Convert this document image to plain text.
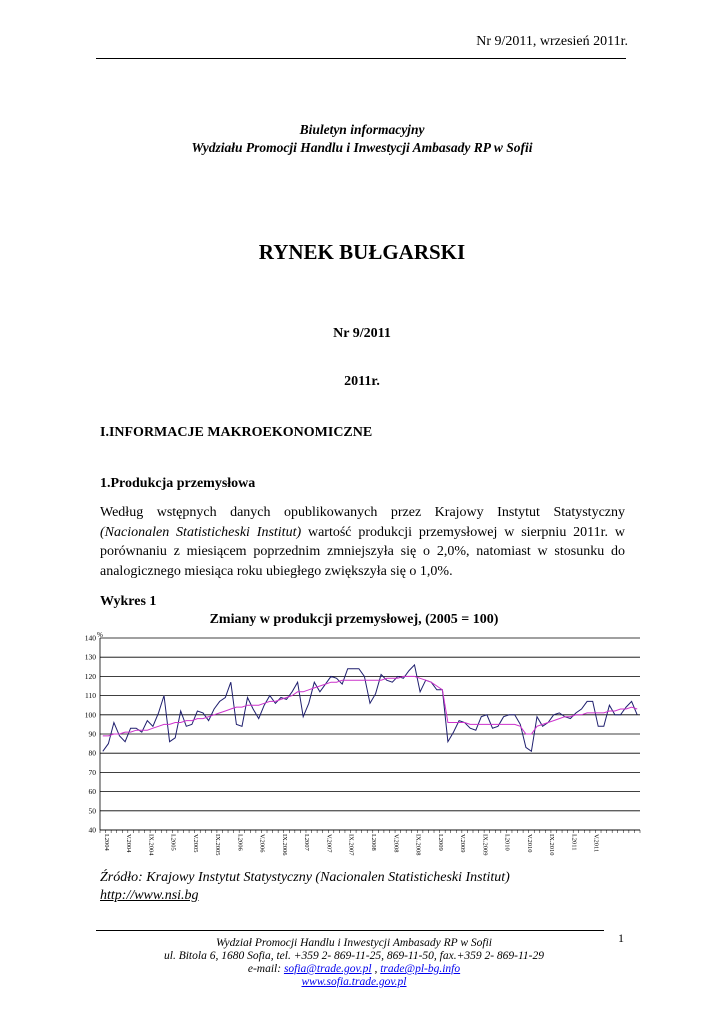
Nr 9/2011, wrzesień 2011r.
Biuletyn informacyjny
Wydziału Promocji Handlu i Inwestycji Ambasady RP w Sofii
RYNEK BUŁGARSKI
Nr 9/2011
2011r.
I.INFORMACJE MAKROEKONOMICZNE
1.Produkcja przemysłowa
Według wstępnych danych opublikowanych przez Krajowy Instytut Statystyczny (Nacionalen Statisticheski Institut) wartość produkcji przemysłowej w sierpniu 2011r. w porównaniu z miesiącem poprzednim zmniejszyła się o 2,0%, natomiast w stosunku do analogicznego miesiąca roku ubiegłego zwiększyła się o 1,0%.
Wykres 1
Zmiany w produkcji przemysłowej, (2005 = 100)
40
50
60
70
80
90
100
110
120
130
140 %
I.2004 V.2004 IX.2004 I.2005 V.2005 IX.2005 I.2006 V.2006 IX.2006 I.2007 V.2007 IX.2007 I.2008 V.2008 IX.2008 I.2009 V.2009 IX.2009 I.2010 V.2010 IX.2010 I.2011 V.2011
Źródło: Krajowy Instytut Statystyczny (Nacionalen Statisticheski Institut)
http://www.nsi.bg
1
Wydział Promocji Handlu i Inwestycji Ambasady RP w Sofii
ul. Bitola 6, 1680 Sofia, tel. +359 2- 869-11-25, 869-11-50, fax.+359 2- 869-11-29
e-mail: sofia@trade.gov.pl , trade@pl-bg.info
www.sofia.trade.gov.pl
